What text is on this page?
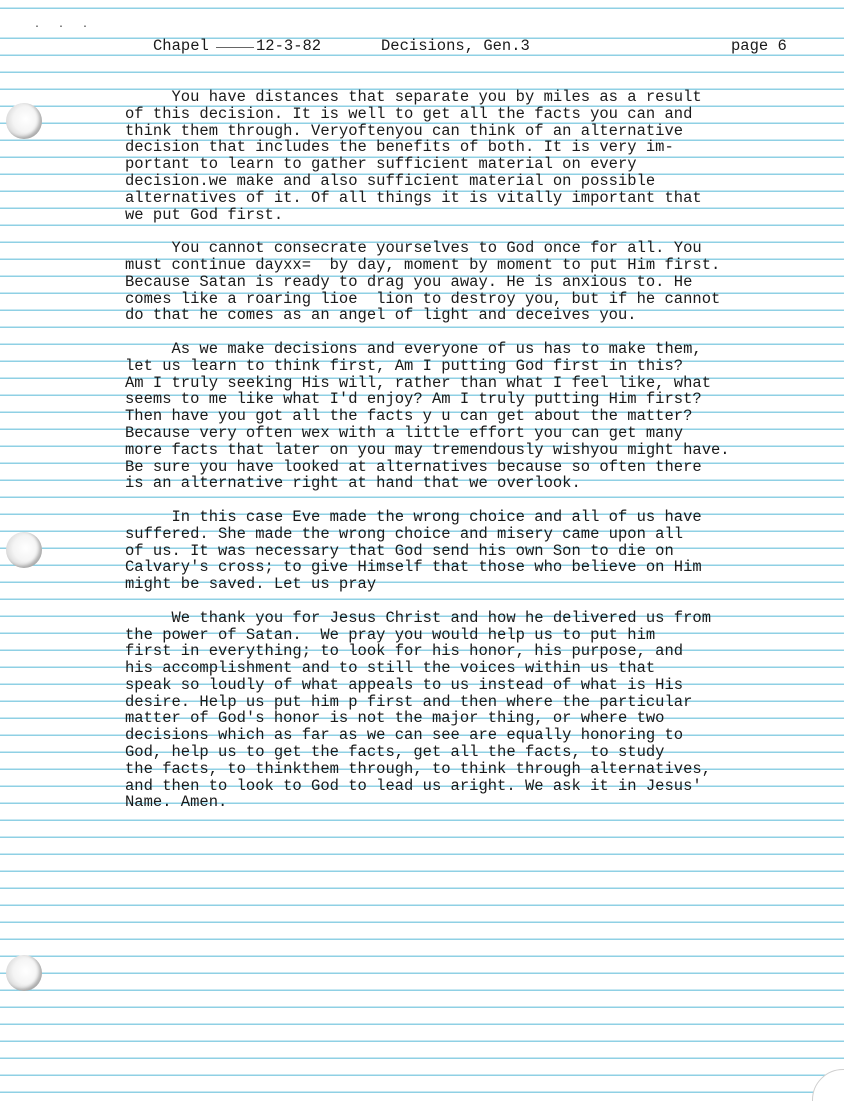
· · ·
Chapel	12-3-82	Decisions, Gen.3	page 6
You have distances that separate you by miles as a result
of this decision. It is well to get all the facts you can and
think them through. Veryoftenyou can think of an alternative
decision that includes the benefits of both. It is very im-
portant to learn to gather sufficient material on every
decision.we make and also sufficient material on possible
alternatives of it. Of all things it is vitally important that
we put God first.
You cannot consecrate yourselves to God once for all. You
must continue dayxx=  by day, moment by moment to put Him first.
Because Satan is ready to drag you away. He is anxious to. He
comes like a roaring lioe  lion to destroy you, but if he cannot
do that he comes as an angel of light and deceives you.
As we make decisions and everyone of us has to make them,
let us learn to think first, Am I putting God first in this?
Am I truly seeking His will, rather than what I feel like, what
seems to me like what I'd enjoy? Am I truly putting Him first?
Then have you got all the facts y u can get about the matter?
Because very often wex with a little effort you can get many
more facts that later on you may tremendously wishyou might have.
Be sure you have looked at alternatives because so often there
is an alternative right at hand that we overlook.
In this case Eve made the wrong choice and all of us have
suffered. She made the wrong choice and misery came upon all
of us. It was necessary that God send his own Son to die on
Calvary's cross; to give Himself that those who believe on Him
might be saved. Let us pray
We thank you for Jesus Christ and how he delivered us from
the power of Satan.  We pray you would help us to put him
first in everything; to look for his honor, his purpose, and
his accomplishment and to still the voices within us that
speak so loudly of what appeals to us instead of what is His
desire. Help us put him p first and then where the particular
matter of God's honor is not the major thing, or where two
decisions which as far as we can see are equally honoring to
God, help us to get the facts, get all the facts, to study
the facts, to thinkthem through, to think through alternatives,
and then to look to God to lead us aright. We ask it in Jesus'
Name. Amen.
